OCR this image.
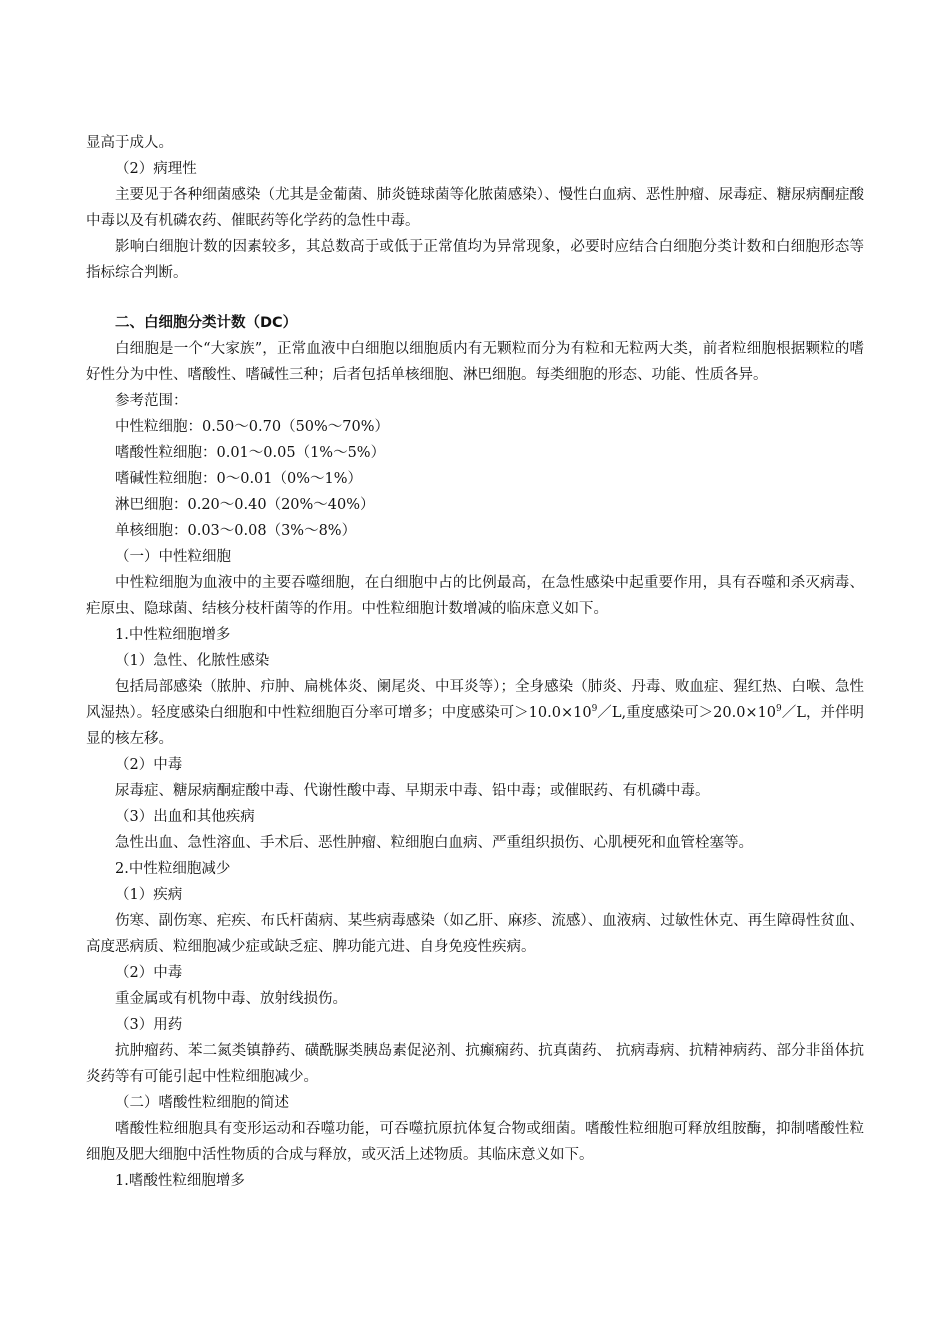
显高于成人。

（2）病理性

主要见于各种细菌感染（尤其是金葡菌、肺炎链球菌等化脓菌感染）、慢性白血病、恶性肿瘤、尿毒症、糖尿病酮症酸中毒以及有机磷农药、催眠药等化学药的急性中毒。

影响白细胞计数的因素较多，其总数高于或低于正常值均为异常现象，必要时应结合白细胞分类计数和白细胞形态等指标综合判断。

二、白细胞分类计数（DC）

白细胞是一个“大家族”，正常血液中白细胞以细胞质内有无颗粒而分为有粒和无粒两大类，前者粒细胞根据颗粒的嗜好性分为中性、嗜酸性、嗜碱性三种；后者包括单核细胞、淋巴细胞。每类细胞的形态、功能、性质各异。

参考范围：

中性粒细胞：0.50～0.70（50%～70%）

嗜酸性粒细胞：0.01～0.05（1%～5%）

嗜碱性粒细胞：0～0.01（0%～1%）

淋巴细胞：0.20～0.40（20%～40%）

单核细胞：0.03～0.08（3%～8%）

（一）中性粒细胞

中性粒细胞为血液中的主要吞噬细胞，在白细胞中占的比例最高，在急性感染中起重要作用，具有吞噬和杀灭病毒、疟原虫、隐球菌、结核分枝杆菌等的作用。中性粒细胞计数增减的临床意义如下。

1.中性粒细胞增多

（1）急性、化脓性感染

包括局部感染（脓肿、疖肿、扁桃体炎、阑尾炎、中耳炎等）；全身感染（肺炎、丹毒、败血症、猩红热、白喉、急性风湿热）。轻度感染白细胞和中性粒细胞百分率可增多；中度感染可$>10.0\times 10^9/L$,重度感染可$>20.0\times 10^9/L$，并伴明显的核左移。

（2）中毒

尿毒症、糖尿病酮症酸中毒、代谢性酸中毒、早期汞中毒、铅中毒；或催眠药、有机磷中毒。

（3）出血和其他疾病

急性出血、急性溶血、手术后、恶性肿瘤、粒细胞白血病、严重组织损伤、心肌梗死和血管栓塞等。

2.中性粒细胞减少

（1）疾病

伤寒、副伤寒、疟疾、布氏杆菌病、某些病毒感染（如乙肝、麻疹、流感）、血液病、过敏性休克、再生障碍性贫血、高度恶病质、粒细胞减少症或缺乏症、脾功能亢进、自身免疫性疾病。

（2）中毒

重金属或有机物中毒、放射线损伤。

（3）用药

抗肿瘤药、苯二氮类镇静药、磺酰脲类胰岛素促泌剂、抗癫痫药、抗真菌药、 抗病毒病、抗精神病药、部分非甾体抗炎药等有可能引起中性粒细胞减少。

（二）嗜酸性粒细胞的简述

嗜酸性粒细胞具有变形运动和吞噬功能，可吞噬抗原抗体复合物或细菌。嗜酸性粒细胞可释放组胺酶，抑制嗜酸性粒细胞及肥大细胞中活性物质的合成与释放，或灭活上述物质。其临床意义如下。

1.嗜酸性粒细胞增多
